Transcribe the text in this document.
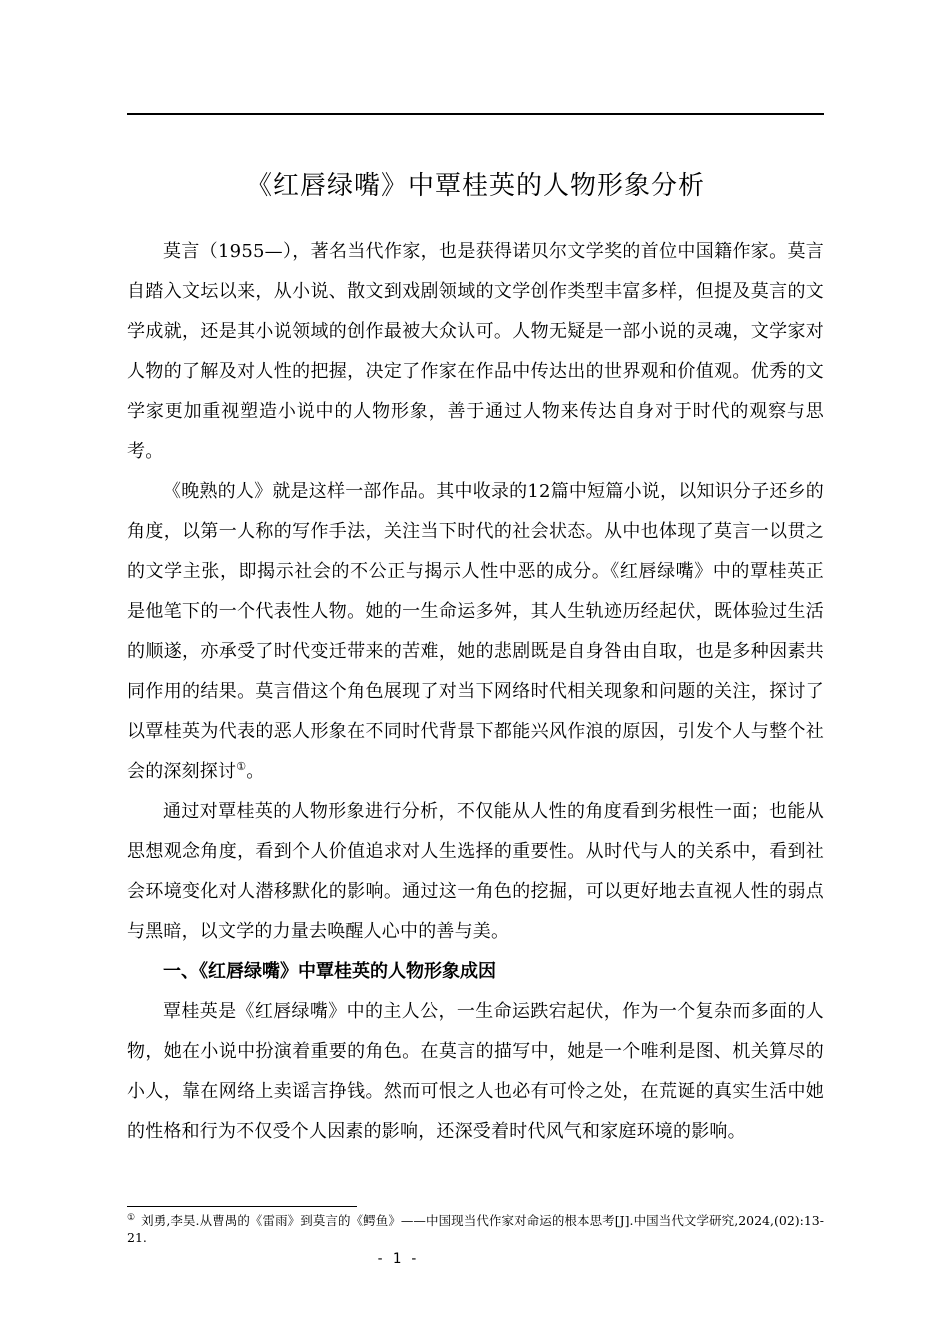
《红唇绿嘴》中覃桂英的人物形象分析

莫言（1955—），著名当代作家，也是获得诺贝尔文学奖的首位中国籍作家。莫言自踏入文坛以来，从小说、散文到戏剧领域的文学创作类型丰富多样，但提及莫言的文学成就，还是其小说领域的创作最被大众认可。人物无疑是一部小说的灵魂，文学家对人物的了解及对人性的把握，决定了作家在作品中传达出的世界观和价值观。优秀的文学家更加重视塑造小说中的人物形象，善于通过人物来传达自身对于时代的观察与思考。

《晚熟的人》就是这样一部作品。其中收录的12篇中短篇小说，以知识分子还乡的角度，以第一人称的写作手法，关注当下时代的社会状态。从中也体现了莫言一以贯之的文学主张，即揭示社会的不公正与揭示人性中恶的成分。《红唇绿嘴》中的覃桂英正是他笔下的一个代表性人物。她的一生命运多舛，其人生轨迹历经起伏，既体验过生活的顺遂，亦承受了时代变迁带来的苦难，她的悲剧既是自身咎由自取，也是多种因素共同作用的结果。莫言借这个角色展现了对当下网络时代相关现象和问题的关注，探讨了以覃桂英为代表的恶人形象在不同时代背景下都能兴风作浪的原因，引发个人与整个社会的深刻探讨①。

通过对覃桂英的人物形象进行分析，不仅能从人性的角度看到劣根性一面；也能从思想观念角度，看到个人价值追求对人生选择的重要性。从时代与人的关系中，看到社会环境变化对人潜移默化的影响。通过这一角色的挖掘，可以更好地去直视人性的弱点与黑暗，以文学的力量去唤醒人心中的善与美。

一、《红唇绿嘴》中覃桂英的人物形象成因

覃桂英是《红唇绿嘴》中的主人公，一生命运跌宕起伏，作为一个复杂而多面的人物，她在小说中扮演着重要的角色。在莫言的描写中，她是一个唯利是图、机关算尽的小人，靠在网络上卖谣言挣钱。然而可恨之人也必有可怜之处，在荒诞的真实生活中她的性格和行为不仅受个人因素的影响，还深受着时代风气和家庭环境的影响。

① 刘勇,李昊.从曹禺的《雷雨》到莫言的《鳄鱼》——中国现当代作家对命运的根本思考[J].中国当代文学研究,2024,(02):13-21.

- 1 -
